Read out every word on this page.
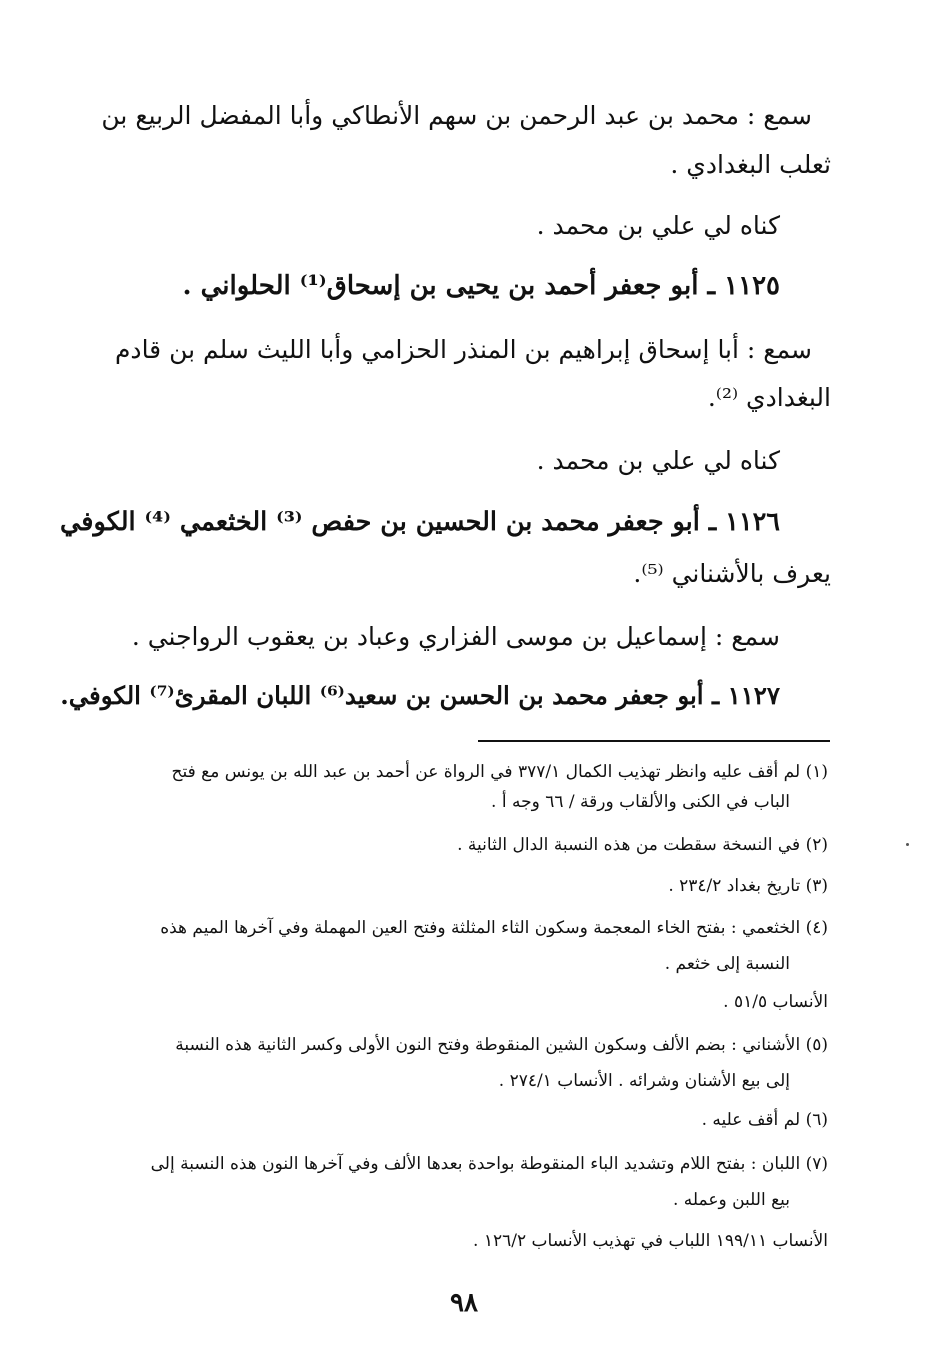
سمع : محمد بن عبد الرحمن بن سهم الأنطاكي وأبا المفضل الربيع بن
ثعلب البغدادي .
كناه لي علي بن محمد .
١١٢٥ ـ أبو جعفر أحمد بن يحيى بن إسحاق⁽¹⁾ الحلواني .
سمع : أبا إسحاق إبراهيم بن المنذر الحزامي وأبا الليث سلم بن قادم
البغدادي ⁽²⁾.
كناه لي علي بن محمد .
١١٢٦ ـ أبو جعفر محمد بن الحسين بن حفص ⁽³⁾ الخثعمي ⁽⁴⁾ الكوفي
يعرف بالأشناني ⁽⁵⁾.
سمع : إسماعيل بن موسى الفزاري وعباد بن يعقوب الرواجني .
١١٢٧ ـ أبو جعفر محمد بن الحسن بن سعيد⁽⁶⁾ اللبان المقرئ⁽⁷⁾ الكوفي.
(١) لم أقف عليه وانظر تهذيب الكمال ٣٧٧/١ في الرواة عن أحمد بن عبد الله بن يونس مع فتح
الباب في الكنى والألقاب ورقة / ٦٦ وجه أ .
(٢) في النسخة سقطت من هذه النسبة الدال الثانية .
(٣) تاريخ بغداد ٢٣٤/٢ .
(٤) الخثعمي : بفتح الخاء المعجمة وسكون الثاء المثلثة وفتح العين المهملة وفي آخرها الميم هذه
النسبة إلى خثعم .
الأنساب ٥١/٥ .
(٥) الأشناني : بضم الألف وسكون الشين المنقوطة وفتح النون الأولى وكسر الثانية هذه النسبة
إلى بيع الأشنان وشرائه . الأنساب ٢٧٤/١ .
(٦) لم أقف عليه .
(٧) اللبان : بفتح اللام وتشديد الباء المنقوطة بواحدة بعدها الألف وفي آخرها النون هذه النسبة إلى
بيع اللبن وعمله .
الأنساب ١٩٩/١١ اللباب في تهذيب الأنساب ١٢٦/٢ .
٩٨
